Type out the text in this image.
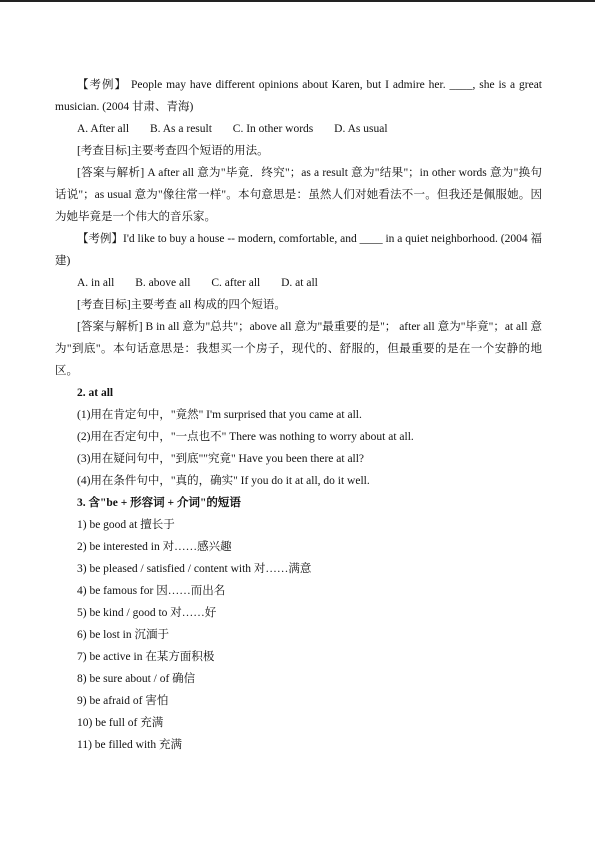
【考例】 People may have different opinions about Karen, but I admire her. ____, she is a great musician. (2004 甘肃、青海)

A. After all B. As a result C. In other words D. As usual

[考查目标]主要考查四个短语的用法。

[答案与解析] A after all 意为"毕竟．终究"；as a result 意为"结果"；in other words 意为"换句话说"；as usual 意为"像往常一样"。本句意思是：虽然人们对她看法不一。但我还是佩服她。因为她毕竟是一个伟大的音乐家。

【考例】I'd like to buy a house -- modern, comfortable, and ____ in a quiet neighborhood. (2004 福建)

A. in all B. above all C. after all D. at all

[考查目标]主要考查 all 构成的四个短语。

[答案与解析] B in all 意为"总共"；above all 意为"最重要的是"； after all 意为"毕竟"；at all 意为"到底"。本句话意思是：我想买一个房子，现代的、舒服的，但最重要的是在一个安静的地区。

2. at all

(1)用在肯定句中，"竟然" I'm surprised that you came at all.

(2)用在否定句中，"一点也不" There was nothing to worry about at all.

(3)用在疑问句中，"到底""究竟" Have you been there at all?

(4)用在条件句中，"真的，确实" If you do it at all, do it well.

3. 含"be + 形容词 + 介词"的短语

1) be good at 擅长于

2) be interested in 对……感兴趣

3) be pleased / satisfied / content with 对……满意

4) be famous for 因……而出名

5) be kind / good to 对……好

6) be lost in 沉湎于

7) be active in 在某方面积极

8) be sure about / of 确信

9) be afraid of 害怕

10) be full of 充满

11) be filled with 充满
